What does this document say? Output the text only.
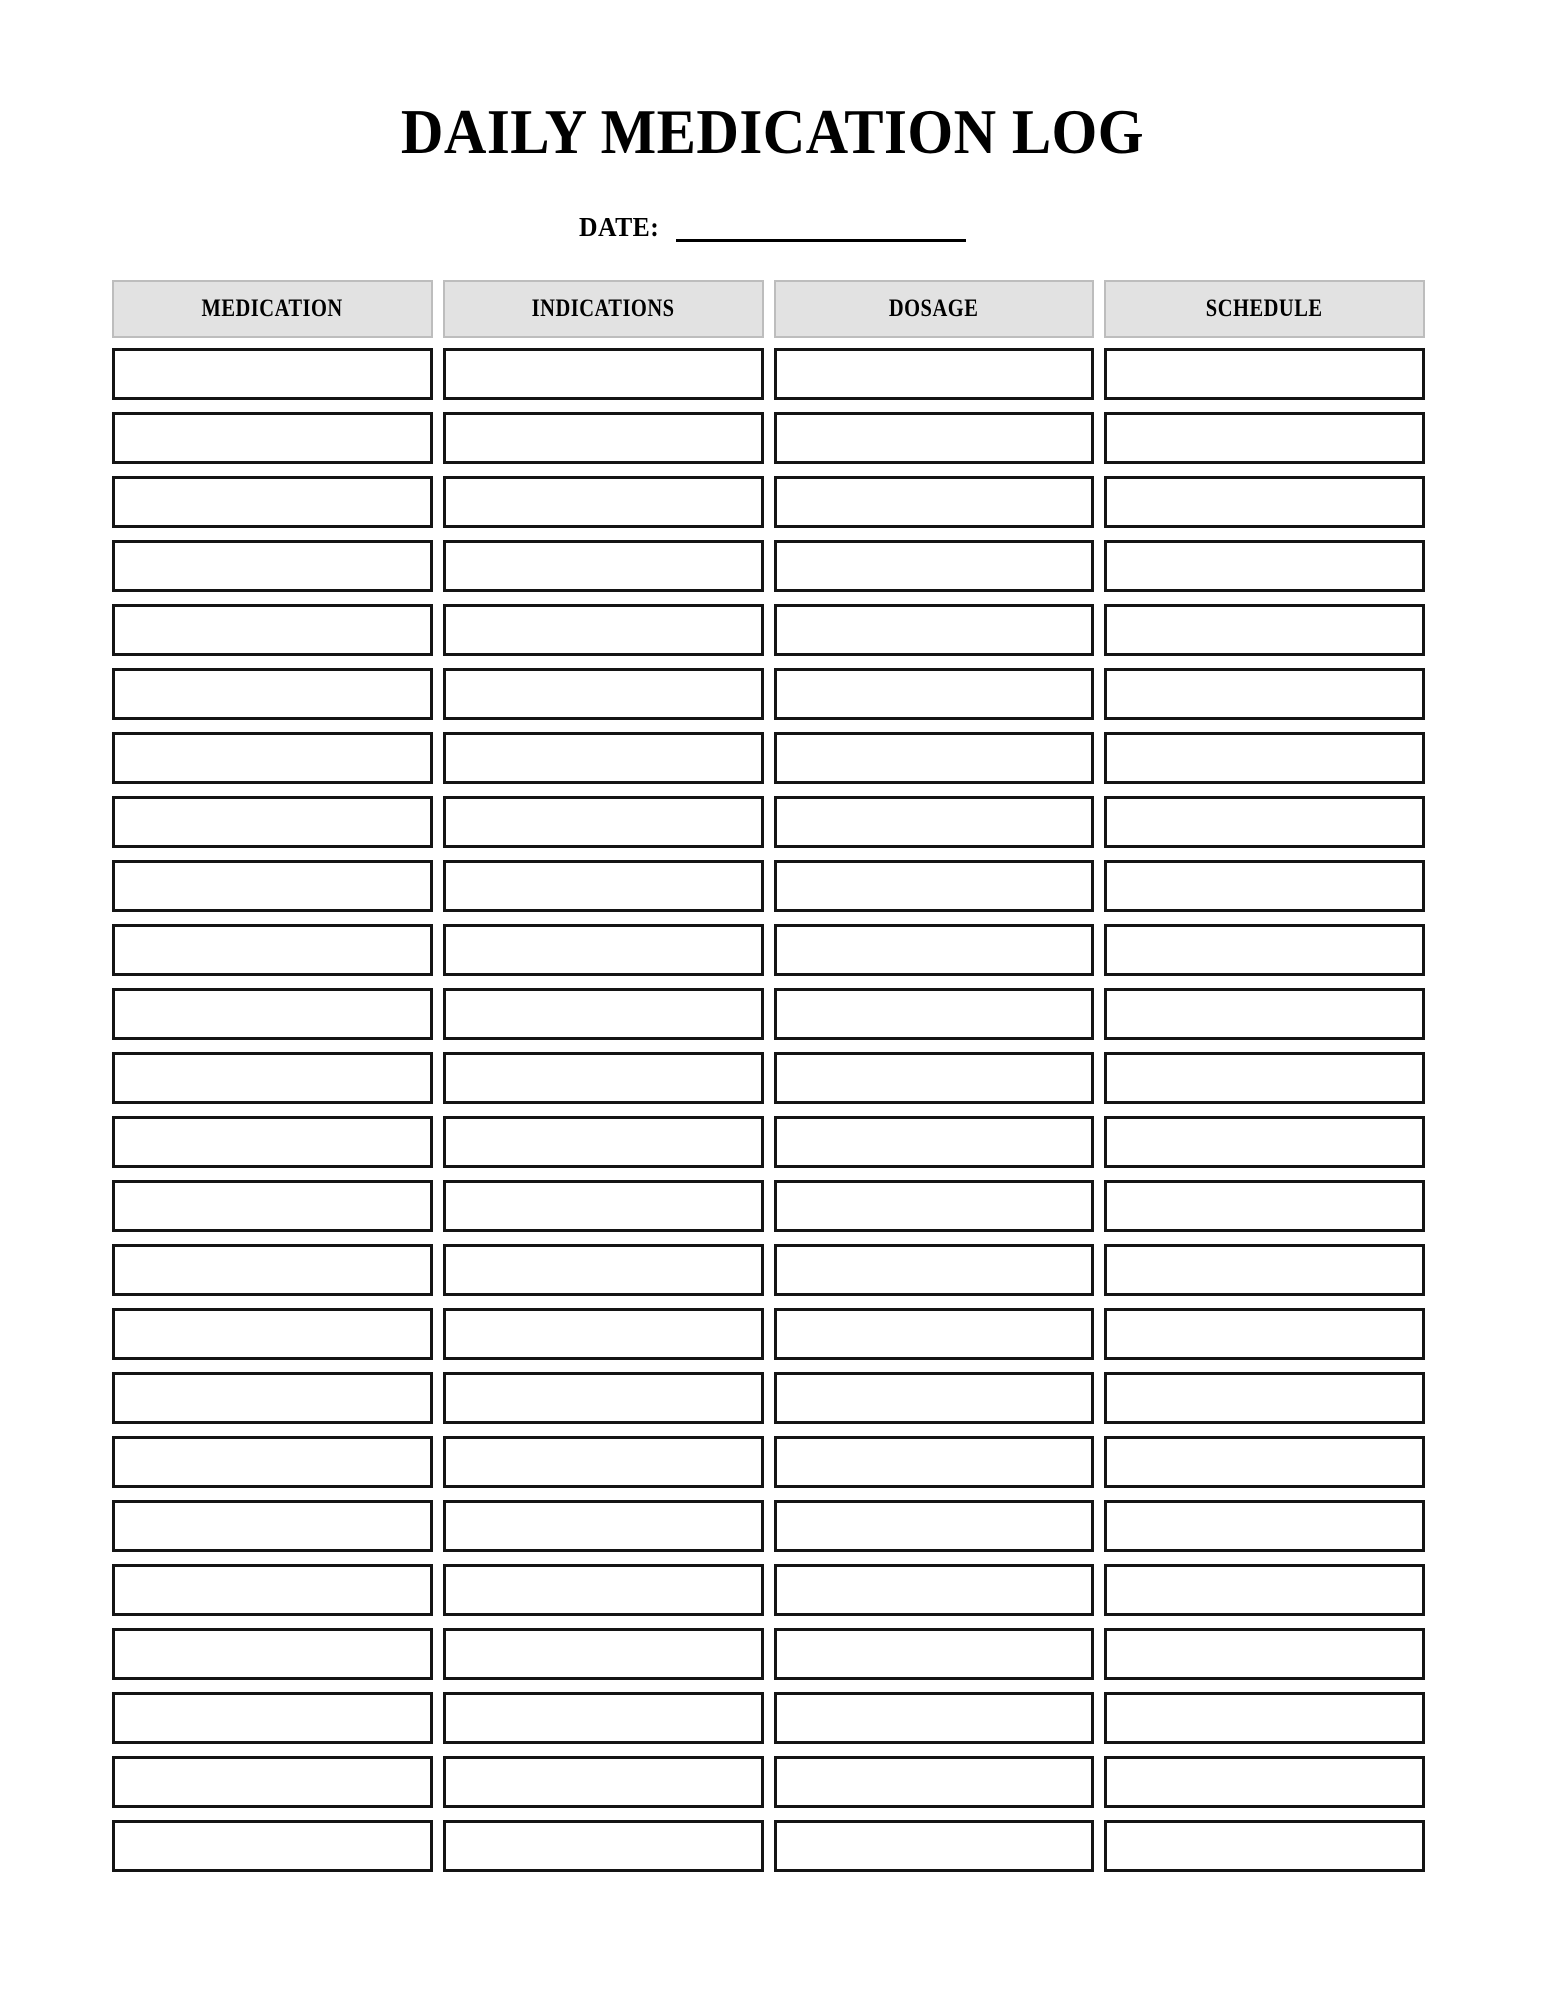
DAILY MEDICATION LOG
DATE:
MEDICATION	INDICATIONS	DOSAGE	SCHEDULE
